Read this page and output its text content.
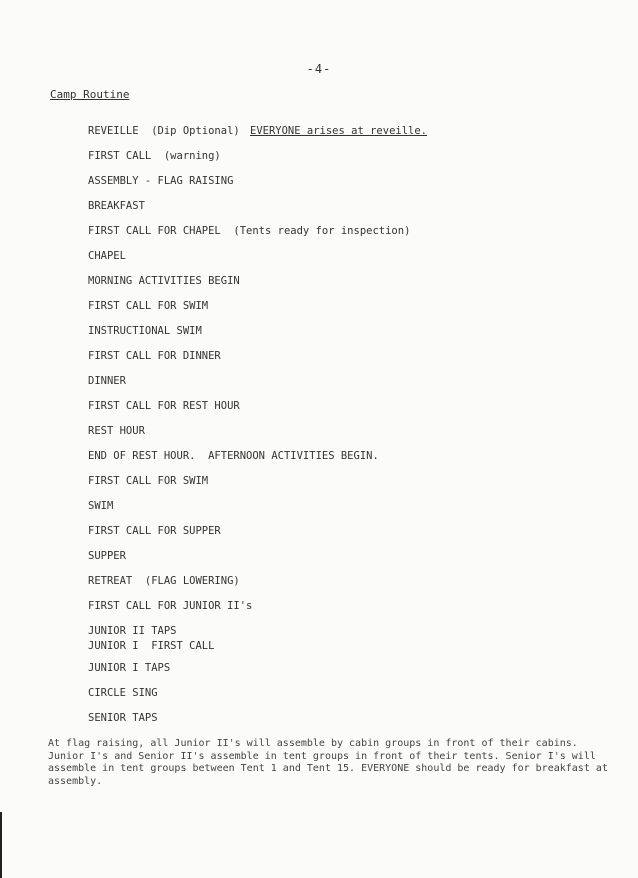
-4-
Camp Routine
REVEILLE  (Dip Optional) EVERYONE arises at reveille.
FIRST CALL  (warning)
ASSEMBLY - FLAG RAISING
BREAKFAST
FIRST CALL FOR CHAPEL  (Tents ready for inspection)
CHAPEL
MORNING ACTIVITIES BEGIN
FIRST CALL FOR SWIM
INSTRUCTIONAL SWIM
FIRST CALL FOR DINNER
DINNER
FIRST CALL FOR REST HOUR
REST HOUR
END OF REST HOUR.  AFTERNOON ACTIVITIES BEGIN.
FIRST CALL FOR SWIM
SWIM
FIRST CALL FOR SUPPER
SUPPER
RETREAT  (FLAG LOWERING)
FIRST CALL FOR JUNIOR II's
JUNIOR II TAPS
JUNIOR I  FIRST CALL
JUNIOR I TAPS
CIRCLE SING
SENIOR TAPS
At flag raising, all Junior II's will assemble by cabin groups in front of their cabins. Junior I's and Senior II's assemble in tent groups in front of their tents. Senior I's will assemble in tent groups between Tent 1 and Tent 15. EVERYONE should be ready for breakfast at assembly.
